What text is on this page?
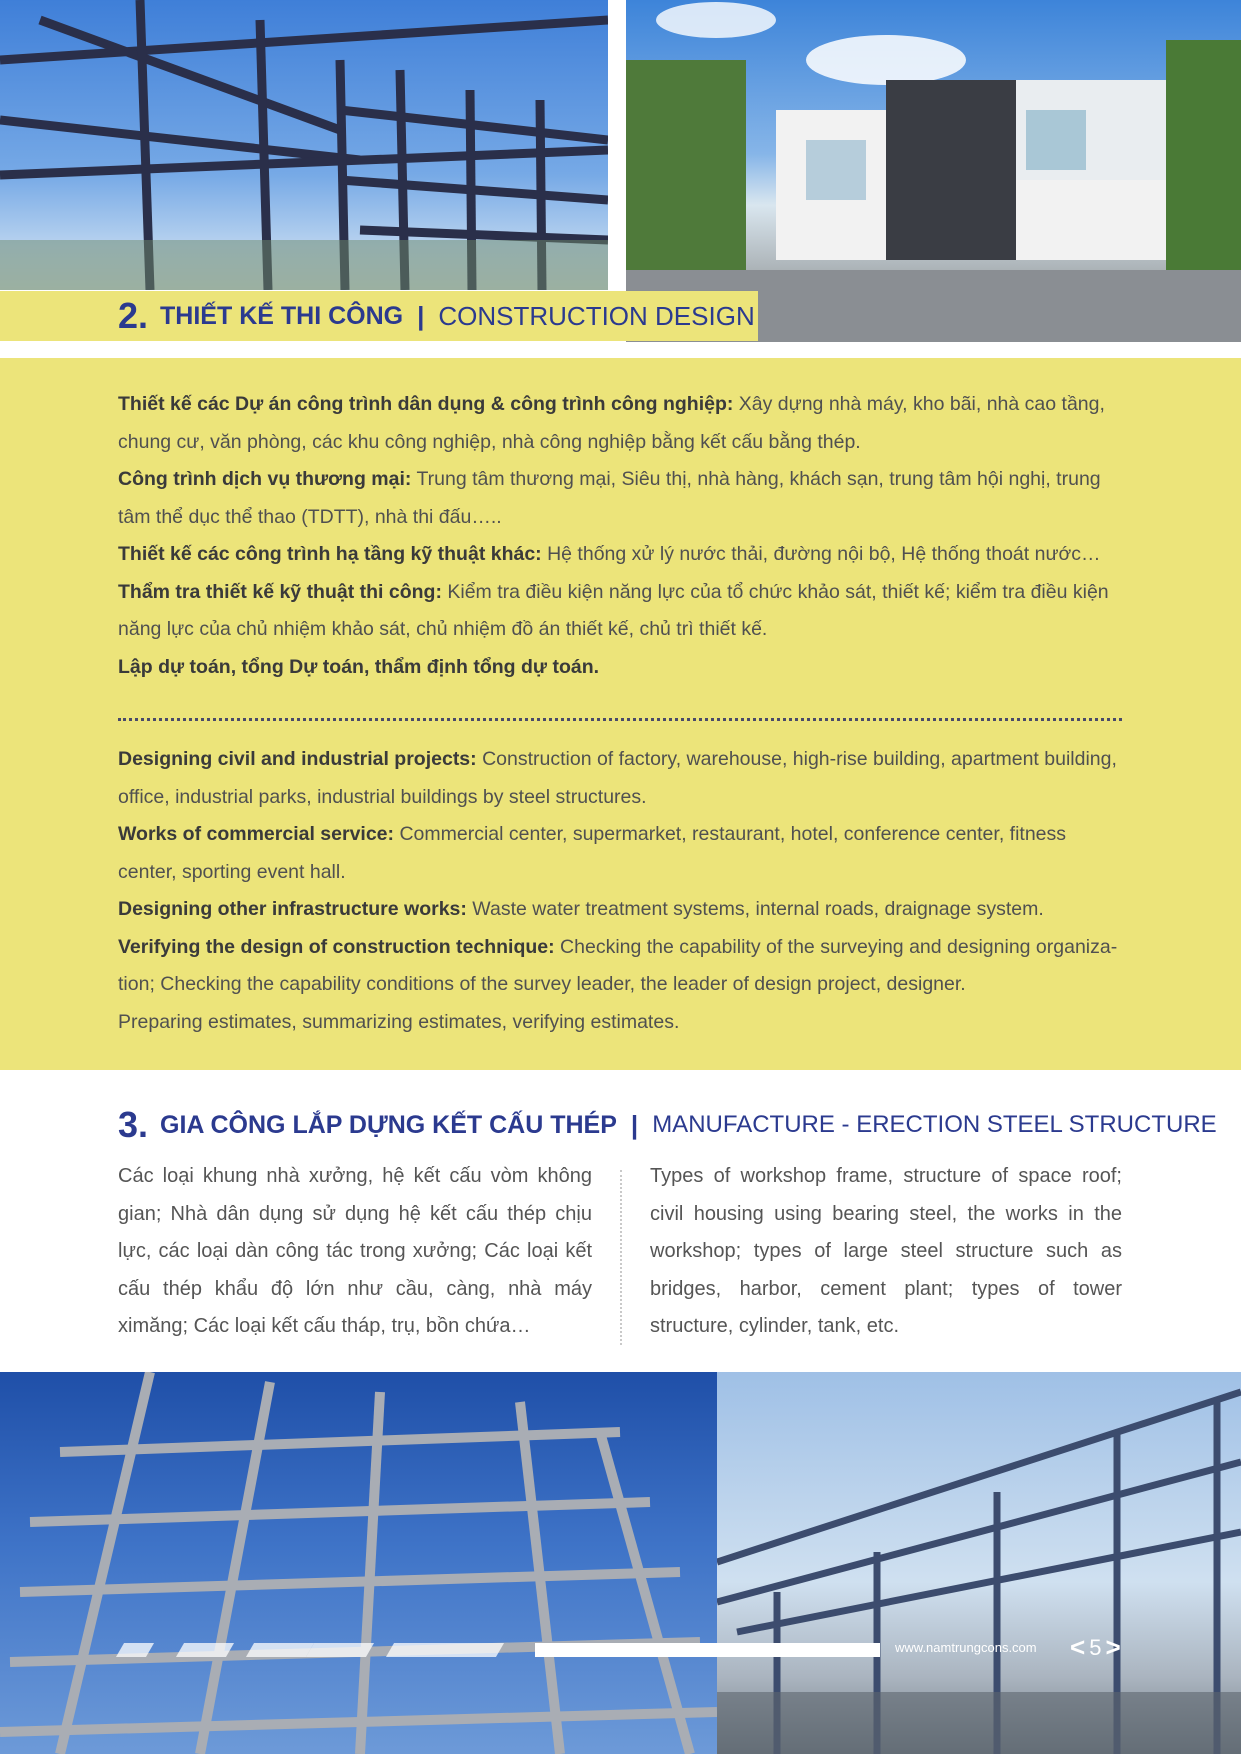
2. THIẾT KẾ THI CÔNG | CONSTRUCTION DESIGN

Thiết kế các Dự án công trình dân dụng & công trình công nghiệp: Xây dựng nhà máy, kho bãi, nhà cao tầng, chung cư, văn phòng, các khu công nghiệp, nhà công nghiệp bằng kết cấu bằng thép.

Công trình dịch vụ thương mại: Trung tâm thương mại, Siêu thị, nhà hàng, khách sạn, trung tâm hội nghị, trung tâm thể dục thể thao (TDTT), nhà thi đấu…..

Thiết kế các công trình hạ tầng kỹ thuật khác: Hệ thống xử lý nước thải, đường nội bộ, Hệ thống thoát nước…

Thẩm tra thiết kế kỹ thuật thi công: Kiểm tra điều kiện năng lực của tổ chức khảo sát, thiết kế; kiểm tra điều kiện năng lực của chủ nhiệm khảo sát, chủ nhiệm đồ án thiết kế, chủ trì thiết kế.

Lập dự toán, tổng Dự toán, thẩm định tổng dự toán.

Designing civil and industrial projects: Construction of factory, warehouse, high-rise building, apartment building, office, industrial parks, industrial buildings by steel structures.

Works of commercial service: Commercial center, supermarket, restaurant, hotel, conference center, fitness center, sporting event hall.

Designing other infrastructure works: Waste water treatment systems, internal roads, draignage system.

Verifying the design of construction technique: Checking the capability of the surveying and designing organiza-tion; Checking the capability conditions of the survey leader, the leader of design project, designer.

Preparing estimates, summarizing estimates, verifying estimates.

3. GIA CÔNG LẮP DỰNG KẾT CẤU THÉP | MANUFACTURE - ERECTION STEEL STRUCTURE
Các loại khung nhà xưởng, hệ kết cấu vòm không gian; Nhà dân dụng sử dụng hệ kết cấu thép chịu lực, các loại dàn công tác trong xưởng; Các loại kết cấu thép khẩu độ lớn như cầu, càng, nhà máy ximăng; Các loại kết cấu tháp, trụ, bồn chứa…
Types of workshop frame, structure of space roof; civil housing using bearing steel, the works in the workshop; types of large steel structure such as bridges, harbor, cement plant; types of tower structure, cylinder, tank, etc.
www.namtrungcons.com < 5 >
